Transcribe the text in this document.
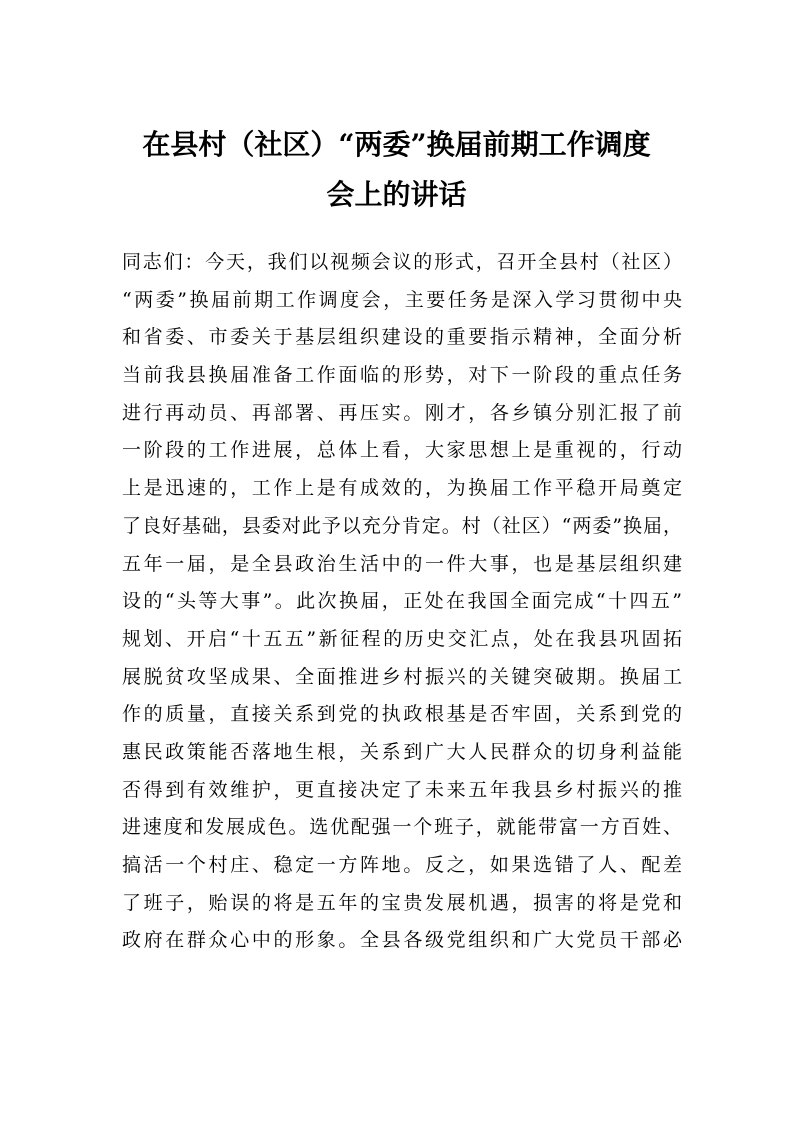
在县村（社区）“两委”换届前期工作调度
会上的讲话
同志们：今天，我们以视频会议的形式，召开全县村（社区）
“两委”换届前期工作调度会，主要任务是深入学习贯彻中央
和省委、市委关于基层组织建设的重要指示精神，全面分析
当前我县换届准备工作面临的形势，对下一阶段的重点任务
进行再动员、再部署、再压实。刚才，各乡镇分别汇报了前
一阶段的工作进展，总体上看，大家思想上是重视的，行动
上是迅速的，工作上是有成效的，为换届工作平稳开局奠定
了良好基础，县委对此予以充分肯定。村（社区）“两委”换届，
五年一届，是全县政治生活中的一件大事，也是基层组织建
设的“头等大事”。此次换届，正处在我国全面完成“十四五”
规划、开启“十五五”新征程的历史交汇点，处在我县巩固拓
展脱贫攻坚成果、全面推进乡村振兴的关键突破期。换届工
作的质量，直接关系到党的执政根基是否牢固，关系到党的
惠民政策能否落地生根，关系到广大人民群众的切身利益能
否得到有效维护，更直接决定了未来五年我县乡村振兴的推
进速度和发展成色。选优配强一个班子，就能带富一方百姓、
搞活一个村庄、稳定一方阵地。反之，如果选错了人、配差
了班子，贻误的将是五年的宝贵发展机遇，损害的将是党和
政府在群众心中的形象。全县各级党组织和广大党员干部必
